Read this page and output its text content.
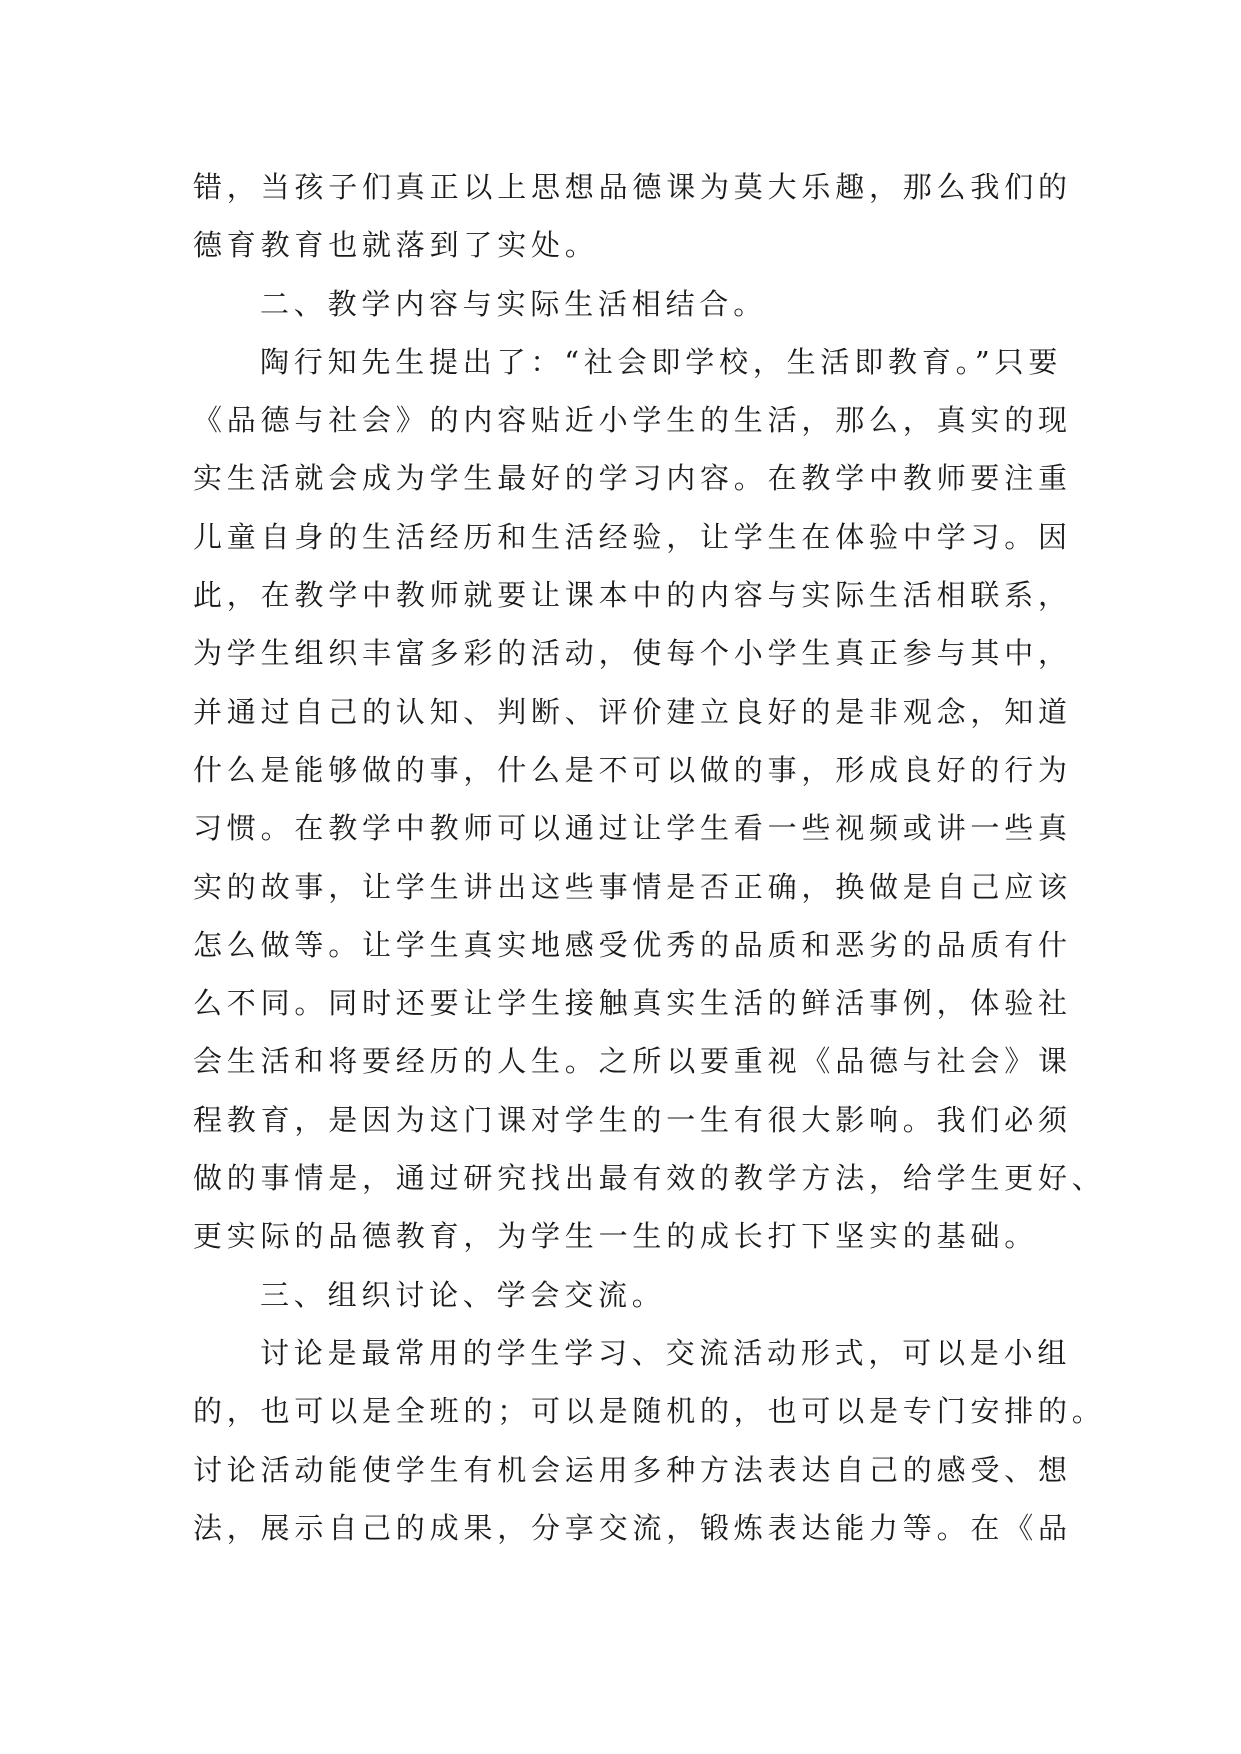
错，当孩子们真正以上思想品德课为莫大乐趣，那么我们的
德育教育也就落到了实处。
二、教学内容与实际生活相结合。
陶行知先生提出了：“社会即学校，生活即教育。”只要
《品德与社会》的内容贴近小学生的生活，那么，真实的现
实生活就会成为学生最好的学习内容。在教学中教师要注重
儿童自身的生活经历和生活经验，让学生在体验中学习。因
此，在教学中教师就要让课本中的内容与实际生活相联系，
为学生组织丰富多彩的活动，使每个小学生真正参与其中，
并通过自己的认知、判断、评价建立良好的是非观念，知道
什么是能够做的事，什么是不可以做的事，形成良好的行为
习惯。在教学中教师可以通过让学生看一些视频或讲一些真
实的故事，让学生讲出这些事情是否正确，换做是自己应该
怎么做等。让学生真实地感受优秀的品质和恶劣的品质有什
么不同。同时还要让学生接触真实生活的鲜活事例，体验社
会生活和将要经历的人生。之所以要重视《品德与社会》课
程教育，是因为这门课对学生的一生有很大影响。我们必须
做的事情是，通过研究找出最有效的教学方法，给学生更好、
更实际的品德教育，为学生一生的成长打下坚实的基础。
三、组织讨论、学会交流。
讨论是最常用的学生学习、交流活动形式，可以是小组
的，也可以是全班的；可以是随机的，也可以是专门安排的。
讨论活动能使学生有机会运用多种方法表达自己的感受、想
法，展示自己的成果，分享交流，锻炼表达能力等。在《品
